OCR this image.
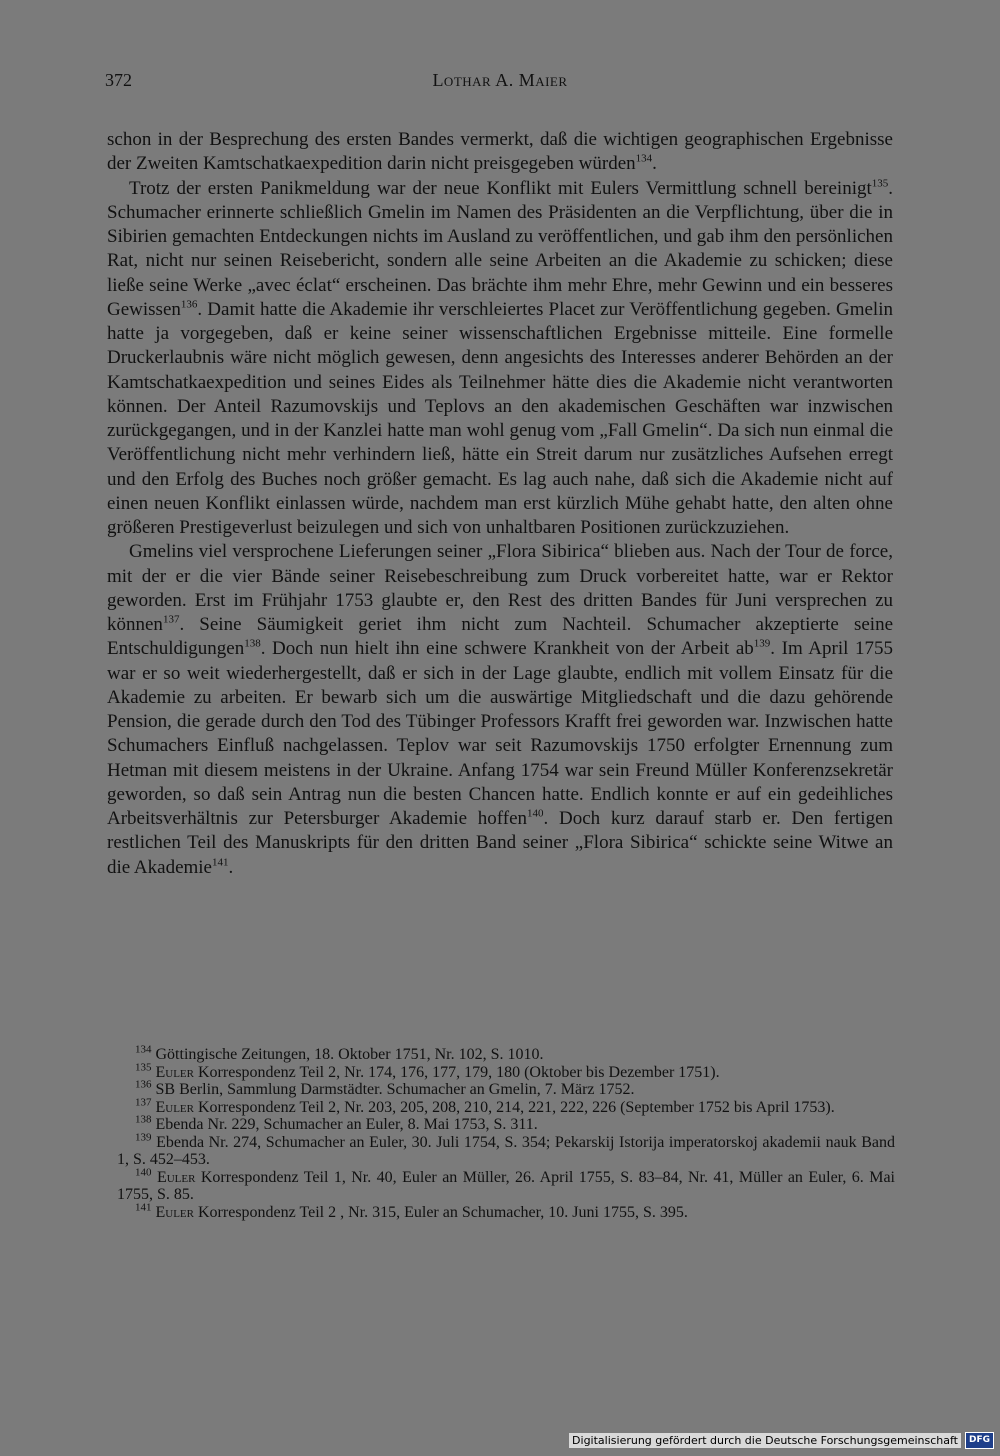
372	Lothar A. Maier

schon in der Besprechung des ersten Bandes vermerkt, daß die wichtigen geographischen Ergebnisse der Zweiten Kamtschatkaexpedition darin nicht preisgegeben würden$^{134}$.

Trotz der ersten Panikmeldung war der neue Konflikt mit Eulers Vermittlung schnell bereinigt$^{135}$. Schumacher erinnerte schließlich Gmelin im Namen des Präsidenten an die Verpflichtung, über die in Sibirien gemachten Entdeckungen nichts im Ausland zu veröffentlichen, und gab ihm den persönlichen Rat, nicht nur seinen Reisebericht, sondern alle seine Arbeiten an die Akademie zu schicken; diese ließe seine Werke „avec éclat“ erscheinen. Das brächte ihm mehr Ehre, mehr Gewinn und ein besseres Gewissen$^{136}$. Damit hatte die Akademie ihr verschleiertes Placet zur Veröffentlichung gegeben. Gmelin hatte ja vorgegeben, daß er keine seiner wissenschaftlichen Ergebnisse mitteile. Eine formelle Druckerlaubnis wäre nicht möglich gewesen, denn angesichts des Interesses anderer Behörden an der Kamtschatkaexpedition und seines Eides als Teilnehmer hätte dies die Akademie nicht verantworten können. Der Anteil Razumovskijs und Teplovs an den akademischen Geschäften war inzwischen zurückgegangen, und in der Kanzlei hatte man wohl genug vom „Fall Gmelin“. Da sich nun einmal die Veröffentlichung nicht mehr verhindern ließ, hätte ein Streit darum nur zusätzliches Aufsehen erregt und den Erfolg des Buches noch größer gemacht. Es lag auch nahe, daß sich die Akademie nicht auf einen neuen Konflikt einlassen würde, nachdem man erst kürzlich Mühe gehabt hatte, den alten ohne größeren Prestigeverlust beizulegen und sich von unhaltbaren Positionen zurückzuziehen.

Gmelins viel versprochene Lieferungen seiner „Flora Sibirica“ blieben aus. Nach der Tour de force, mit der er die vier Bände seiner Reisebeschreibung zum Druck vorbereitet hatte, war er Rektor geworden. Erst im Frühjahr 1753 glaubte er, den Rest des dritten Bandes für Juni versprechen zu können$^{137}$. Seine Säumigkeit geriet ihm nicht zum Nachteil. Schumacher akzeptierte seine Entschuldigungen$^{138}$. Doch nun hielt ihn eine schwere Krankheit von der Arbeit $ab^{139}$. Im April 1755 war er so weit wiederhergestellt, daß er sich in der Lage glaubte, endlich mit vollem Einsatz für die Akademie zu arbeiten. Er bewarb sich um die auswärtige Mitgliedschaft und die dazu gehörende Pension, die gerade durch den Tod des Tübinger Professors Krafft frei geworden war. Inzwischen hatte Schumachers Einfluß nachgelassen. Teplov war seit Razumovskijs 1750 erfolgter Ernennung zum Hetman mit diesem meistens in der Ukraine. Anfang 1754 war sein Freund Müller Konferenzsekretär geworden, so daß sein Antrag nun die besten Chancen hatte. Endlich konnte er auf ein gedeihliches Arbeitsverhältnis zur Petersburger Akademie hoffen$^{140}$. Doch kurz darauf starb er. Den fertigen restlichen Teil des Manuskripts für den dritten Band seiner „Flora Sibirica“ schickte seine Witwe an die Akademie$^{141}$.

$^{134}$ Göttingische Zeitungen, 18. Oktober 1751, Nr. 102, S. 1010.

$^{135}$ Euler Korrespondenz Teil 2, Nr. 174, 176, 177, 179, 180 (Oktober bis Dezember 1751).

$^{136}$ SB Berlin, Sammlung Darmstädter. Schumacher an Gmelin, 7. März 1752.

$^{137}$ Euler Korrespondenz Teil 2, Nr. 203, 205, 208, 210, 214, 221, 222, 226 (September 1752 bis April 1753).

$^{138}$ Ebenda Nr. 229, Schumacher an Euler, 8. Mai 1753, S. 311.

$^{139}$ Ebenda Nr. 274, Schumacher an Euler, 30. Juli 1754, S. 354; Pekarskij Istorija imperatorskoj akademii nauk Band 1, S. 452–453.

$^{140}$ Euler Korrespondenz Teil 1, Nr. 40, Euler an Müller, 26. April 1755, S. 83–84, Nr. 41, Müller an Euler, 6. Mai 1755, S. 85.

$^{141}$ Euler Korrespondenz Teil 2 , Nr. 315, Euler an Schumacher, 10. Juni 1755, S. 395.

Digitalisierung gefördert durch die Deutsche Forschungsgemeinschaft	DFG
